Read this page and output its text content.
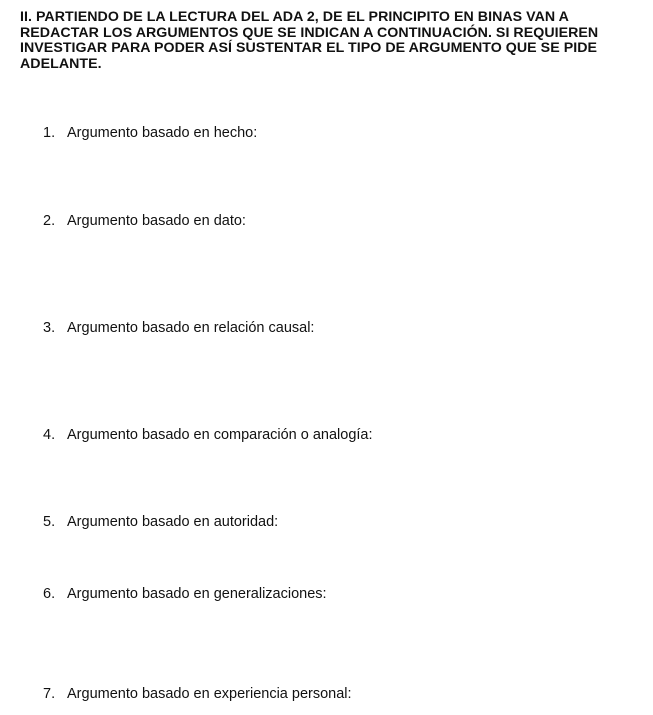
II. PARTIENDO DE LA LECTURA DEL ADA 2, DE EL PRINCIPITO EN BINAS VAN A REDACTAR LOS ARGUMENTOS QUE SE INDICAN A CONTINUACIÓN. SI REQUIEREN INVESTIGAR PARA PODER ASÍ SUSTENTAR EL TIPO DE ARGUMENTO QUE SE PIDE ADELANTE.

1. Argumento basado en hecho:
2. Argumento basado en dato:
3. Argumento basado en relación causal:
4. Argumento basado en comparación o analogía:
5. Argumento basado en autoridad:
6. Argumento basado en generalizaciones:
7. Argumento basado en experiencia personal:
